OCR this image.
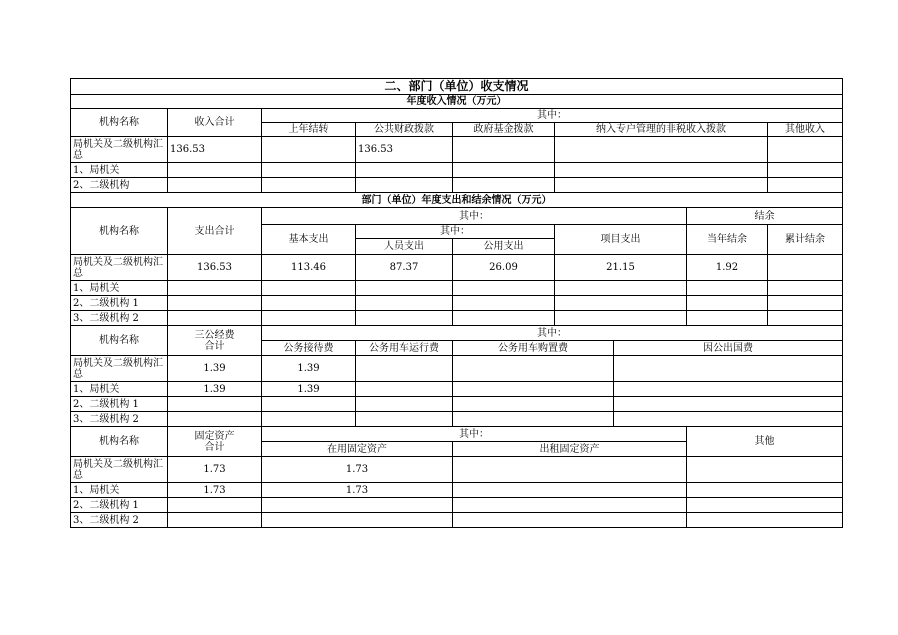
二、部门（单位）收支情况								
年度收入情况（万元）								
机构名称	收入合计	其中：						
		上年结转	公共财政拨款	政府基金拨款	纳入专户管理的非税收入拨款			其他收入
局机关及二级机构汇总	136.53		136.53					
1、局机关								
2、二级机构								
部门（单位）年度支出和结余情况（万元）								
机构名称	支出合计	其中：					结余	
		基本支出	其中：		项目支出		当年结余	累计结余
			人员支出	公用支出				
局机关及二级机构汇总	136.53	113.46	87.37	26.09	21.15		1.92	
1、局机关								
2、二级机构 1								
3、二级机构 2								
机构名称	三公经费
合计	其中：						
		公务接待费	公务用车运行费	公务用车购置费		因公出国费		
局机关及二级机构汇总	1.39	1.39						
1、局机关	1.39	1.39						
2、二级机构 1								
3、二级机构 2								
机构名称	固定资产
合计	其中：					其他	
		在用固定资产		出租固定资产				
局机关及二级机构汇总	1.73	1.73						
1、局机关	1.73	1.73						
2、二级机构 1								
3、二级机构 2								
